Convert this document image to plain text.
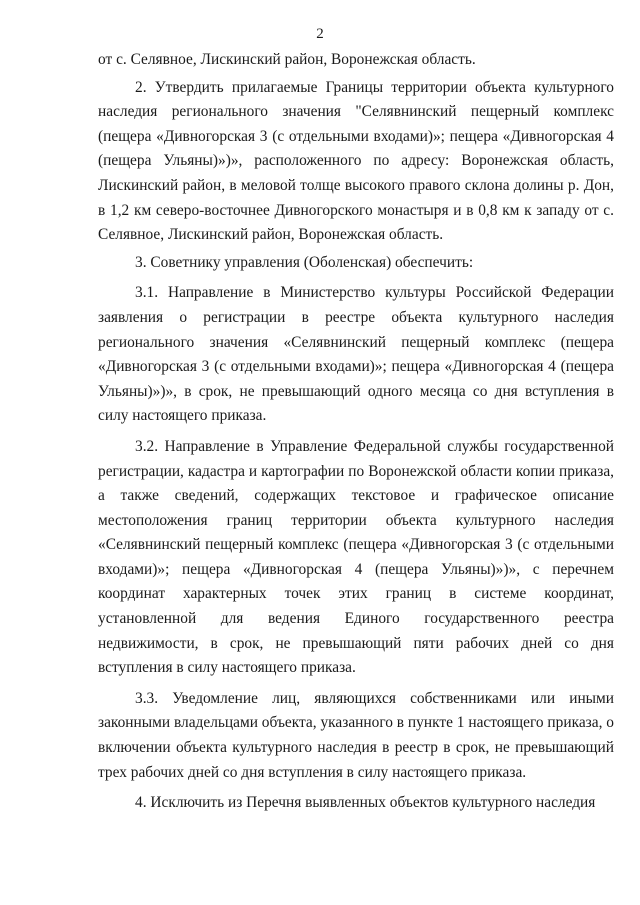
2

от с. Селявное, Лискинский район, Воронежская область.

2. Утвердить прилагаемые Границы территории объекта культурного наследия регионального значения "Селявнинский пещерный комплекс (пещера «Дивногорская 3 (с отдельными входами)»; пещера «Дивногорская 4 (пещера Ульяны)»)», расположенного по адресу: Воронежская область, Лискинский район, в меловой толще высокого правого склона долины р. Дон, в 1,2 км северо-восточнее Дивногорского монастыря и в 0,8 км к западу от с. Селявное, Лискинский район, Воронежская область.

3. Советнику управления (Оболенская) обеспечить:

3.1. Направление в Министерство культуры Российской Федерации заявления о регистрации в реестре объекта культурного наследия регионального значения «Селявнинский пещерный комплекс (пещера «Дивногорская 3 (с отдельными входами)»; пещера «Дивногорская 4 (пещера Ульяны)»)», в срок, не превышающий одного месяца со дня вступления в силу настоящего приказа.

3.2. Направление в Управление Федеральной службы государственной регистрации, кадастра и картографии по Воронежской области копии приказа, а также сведений, содержащих текстовое и графическое описание местоположения границ территории объекта культурного наследия «Селявнинский пещерный комплекс (пещера «Дивногорская 3 (с отдельными входами)»; пещера «Дивногорская 4 (пещера Ульяны)»)», с перечнем координат характерных точек этих границ в системе координат, установленной для ведения Единого государственного реестра недвижимости, в срок, не превышающий пяти рабочих дней со дня вступления в силу настоящего приказа.

3.3. Уведомление лиц, являющихся собственниками или иными законными владельцами объекта, указанного в пункте 1 настоящего приказа, о включении объекта культурного наследия в реестр в срок, не превышающий трех рабочих дней со дня вступления в силу настоящего приказа.

4. Исключить из Перечня выявленных объектов культурного наследия
